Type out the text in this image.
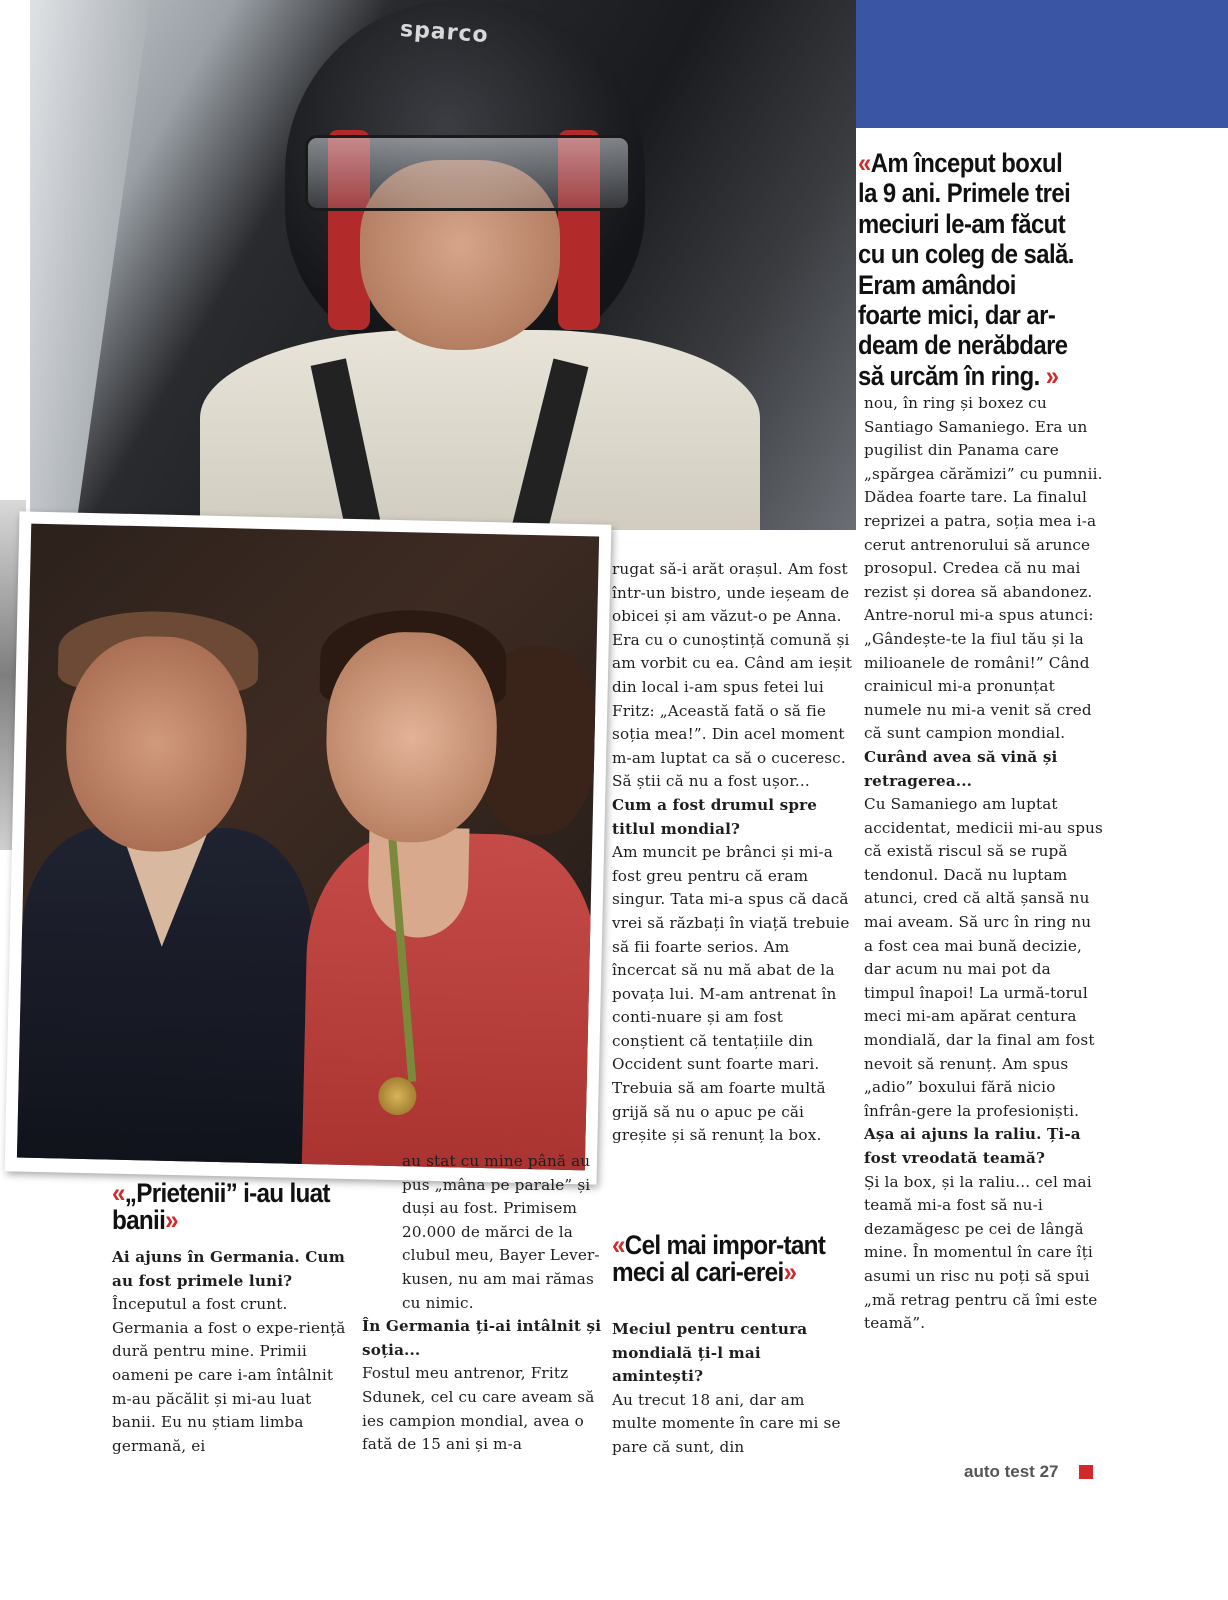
sparco
«Am început boxul la 9 ani. Primele trei meciuri le-am făcut cu un coleg de sală. Eram amândoi foarte mici, dar ar-deam de nerăbdare să urcăm în ring. »
«„Prietenii” i-au luat banii»

Ai ajuns în Germania. Cum au fost primele luni?

Începutul a fost crunt. Germania a fost o expe-riență dură pentru mine. Primii oameni pe care i-am întâlnit m-au păcălit și mi-au luat banii. Eu nu știam limba germană, ei

au stat cu mine până au pus „mâna pe parale” și duși au fost. Primisem 20.000 de mărci de la clubul meu, Bayer Lever-kusen, nu am mai rămas cu nimic.

În Germania ți-ai intâlnit și soția...

Fostul meu antrenor, Fritz Sdunek, cel cu care aveam să ies campion mondial, avea o fată de 15 ani și m-a

rugat să-i arăt orașul. Am fost într-un bistro, unde ieșeam de obicei și am văzut-o pe Anna. Era cu o cunoștință comună și am vorbit cu ea. Când am ieșit din local i-am spus fetei lui Fritz: „Această fată o să fie soția mea!”. Din acel moment m-am luptat ca să o cuceresc. Să știi că nu a fost ușor...

Cum a fost drumul spre titlul mondial?

Am muncit pe brânci și mi-a fost greu pentru că eram singur. Tata mi-a spus că dacă vrei să răzbați în viață trebuie să fii foarte serios. Am încercat să nu mă abat de la povața lui. M-am antrenat în conti-nuare și am fost conștient că tentațiile din Occident sunt foarte mari. Trebuia să am foarte multă grijă să nu o apuc pe căi greșite și să renunț la box.

«Cel mai impor-tant meci al cari-erei»

Meciul pentru centura mondială ți-l mai amintești?

Au trecut 18 ani, dar am multe momente în care mi se pare că sunt, din

nou, în ring și boxez cu Santiago Samaniego. Era un pugilist din Panama care „spărgea cărămizi” cu pumnii. Dădea foarte tare. La finalul reprizei a patra, soția mea i-a cerut antrenorului să arunce prosopul. Credea că nu mai rezist și dorea să abandonez. Antre-norul mi-a spus atunci: „Gândește-te la fiul tău și la milioanele de români!” Când crainicul mi-a pronunțat numele nu mi-a venit să cred că sunt campion mondial.

Curând avea să vină și retragerea...

Cu Samaniego am luptat accidentat, medicii mi-au spus că există riscul să se rupă tendonul. Dacă nu luptam atunci, cred că altă șansă nu mai aveam. Să urc în ring nu a fost cea mai bună decizie, dar acum nu mai pot da timpul înapoi! La urmă-torul meci mi-am apărat centura mondială, dar la final am fost nevoit să renunț. Am spus „adio” boxului fără nicio înfrân-gere la profesioniști.

Așa ai ajuns la raliu. Ți-a fost vreodată teamă?

Și la box, și la raliu... cel mai teamă mi-a fost să nu-i dezamăgesc pe cei de lângă mine. În momentul în care îți asumi un risc nu poți să spui „mă retrag pentru că îmi este teamă”.

auto test 27
